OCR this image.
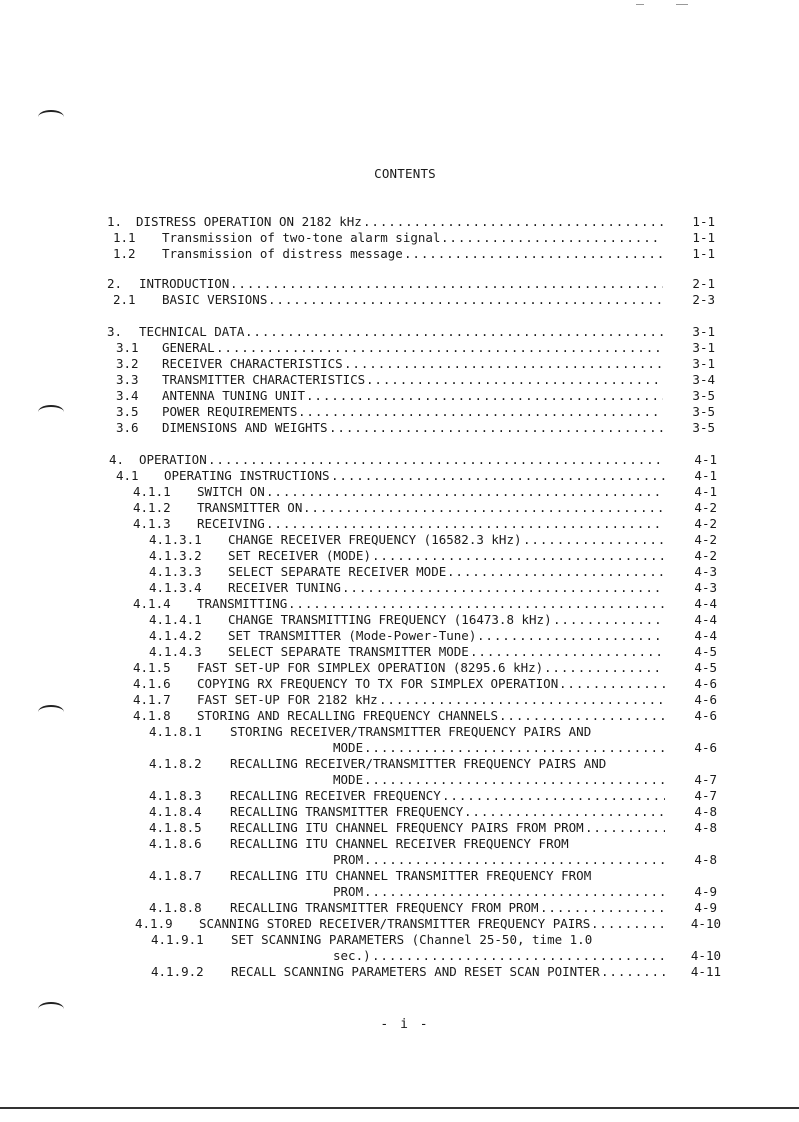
CONTENTS
1. DISTRESS OPERATION ON 2182 kHz	1-1
.....
1.1 Transmission of two-tone alarm signal	1-1
.....
1.2 Transmission of distress message	1-1
.....
2. INTRODUCTION	2-1
.....
2.1 BASIC VERSIONS	2-3
.....
3. TECHNICAL DATA	3-1
.....
3.1 GENERAL	3-1
.....
3.2 RECEIVER CHARACTERISTICS	3-1
.....
3.3 TRANSMITTER CHARACTERISTICS	3-4
.....
3.4 ANTENNA TUNING UNIT	3-5
.....
3.5 POWER REQUIREMENTS	3-5
.....
3.6 DIMENSIONS AND WEIGHTS	3-5
.....
4. OPERATION	4-1
.....
4.1 OPERATING INSTRUCTIONS	4-1
.....
4.1.1 SWITCH ON	4-1
.....
4.1.2 TRANSMITTER ON	4-2
.....
4.1.3 RECEIVING	4-2
.....
4.1.3.1 CHANGE RECEIVER FREQUENCY (16582.3 kHz)	4-2
.....
4.1.3.2 SET RECEIVER (MODE)	4-2
.....
4.1.3.3 SELECT SEPARATE RECEIVER MODE	4-3
.....
4.1.3.4 RECEIVER TUNING	4-3
.....
4.1.4 TRANSMITTING	4-4
.....
4.1.4.1 CHANGE TRANSMITTING FREQUENCY (16473.8 kHz)	4-4
.....
4.1.4.2 SET TRANSMITTER (Mode-Power-Tune)	4-4
.....
4.1.4.3 SELECT SEPARATE TRANSMITTER MODE	4-5
.....
4.1.5 FAST SET-UP FOR SIMPLEX OPERATION (8295.6 kHz)	4-5
.....
4.1.6 COPYING RX FREQUENCY TO TX FOR SIMPLEX OPERATION	4-6
.....
4.1.7 FAST SET-UP FOR 2182 kHz	4-6
.....
4.1.8 STORING AND RECALLING FREQUENCY CHANNELS	4-6
.....
4.1.8.1 STORING RECEIVER/TRANSMITTER FREQUENCY PAIRS AND
MODE	4-6
.....
4.1.8.2 RECALLING RECEIVER/TRANSMITTER FREQUENCY PAIRS AND
MODE	4-7
.....
4.1.8.3 RECALLING RECEIVER FREQUENCY	4-7
.....
4.1.8.4 RECALLING TRANSMITTER FREQUENCY	4-8
.....
4.1.8.5 RECALLING ITU CHANNEL FREQUENCY PAIRS FROM PROM	4-8
.....
4.1.8.6 RECALLING ITU CHANNEL RECEIVER FREQUENCY FROM
PROM	4-8
.....
4.1.8.7 RECALLING ITU CHANNEL TRANSMITTER FREQUENCY FROM
PROM	4-9
.....
4.1.8.8 RECALLING TRANSMITTER FREQUENCY FROM PROM	4-9
.....
4.1.9 SCANNING STORED RECEIVER/TRANSMITTER FREQUENCY PAIRS	4-10
.....
4.1.9.1 SET SCANNING PARAMETERS (Channel 25-50, time 1.0
sec.)	4-10
.....
4.1.9.2 RECALL SCANNING PARAMETERS AND RESET SCAN POINTER	4-11
.....
- i -
